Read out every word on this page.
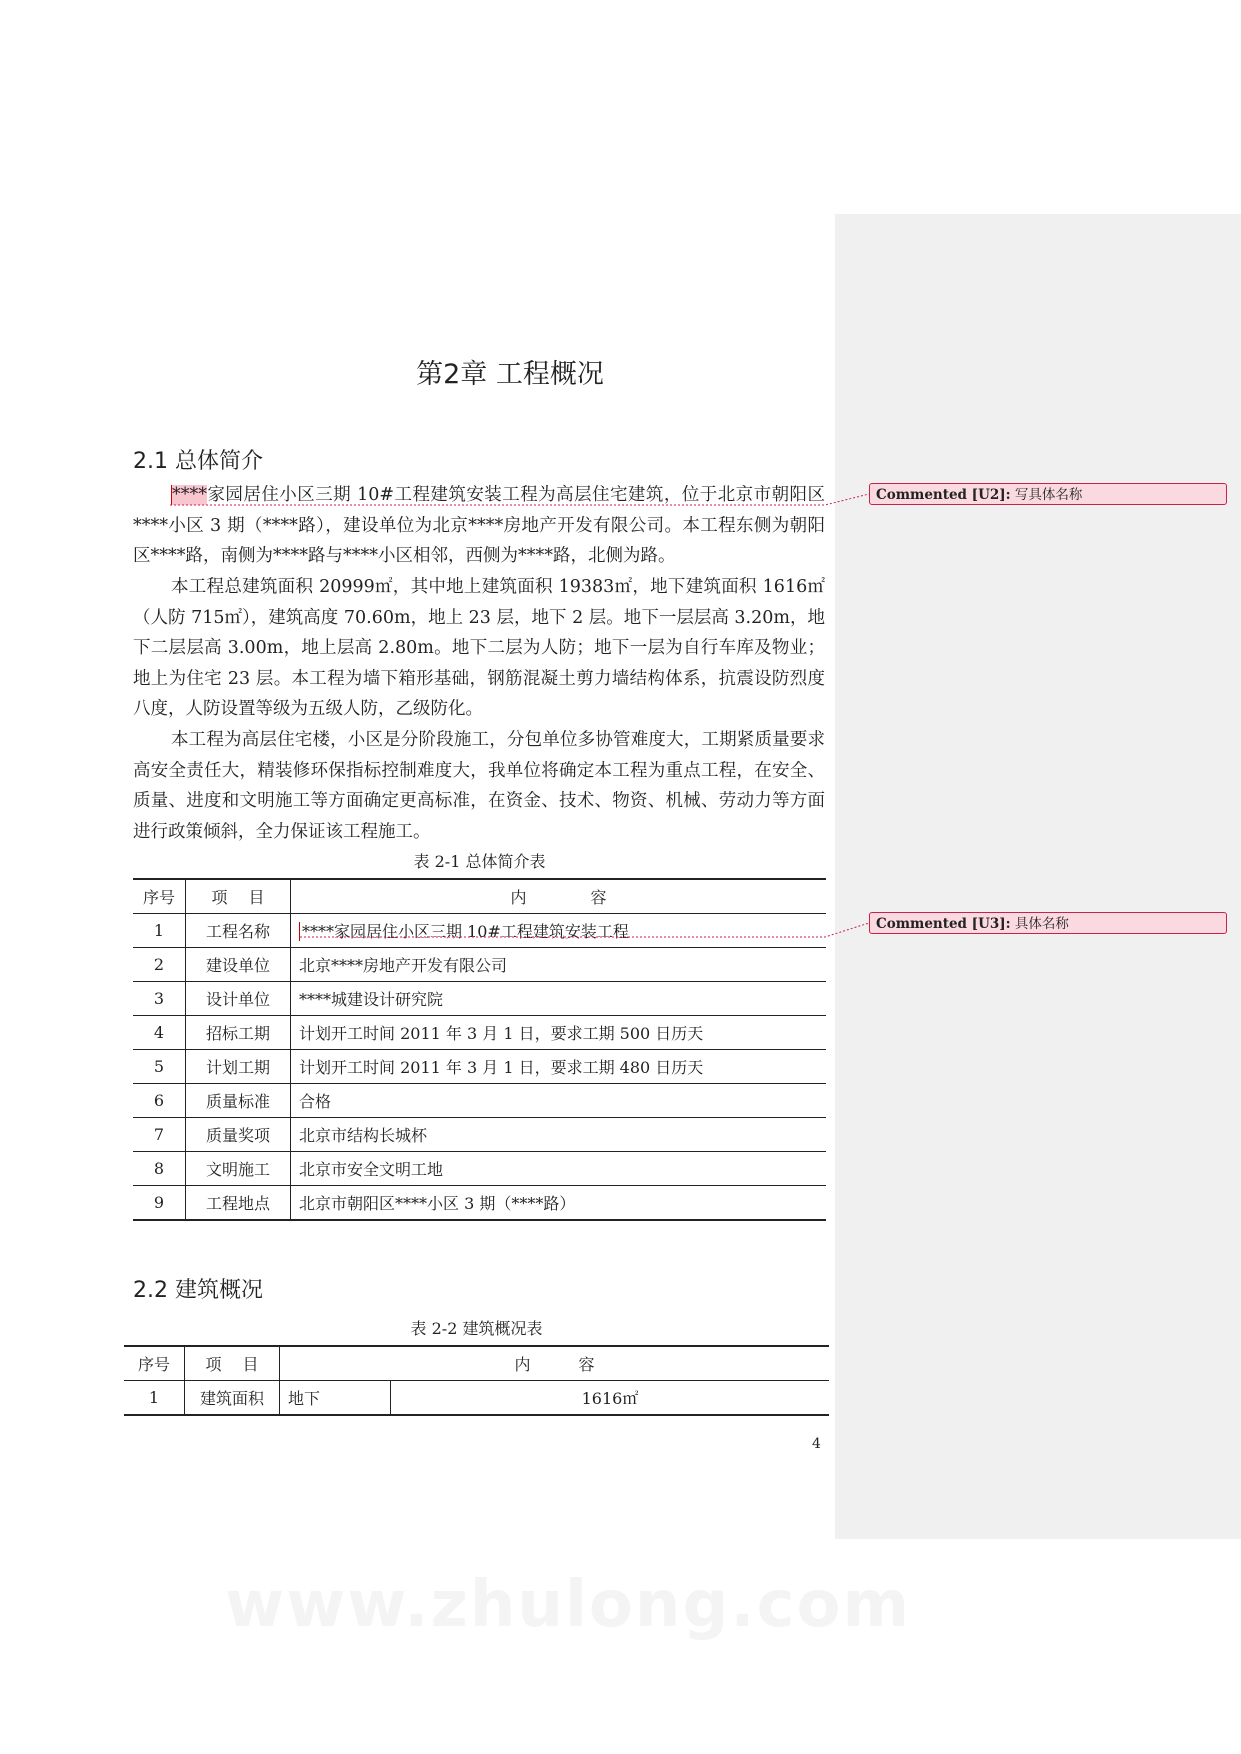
第2章 工程概况
2.1 总体简介

****家园居住小区三期 10#工程建筑安装工程为高层住宅建筑，位于北京市朝阳区****小区 3 期（****路），建设单位为北京****房地产开发有限公司。本工程东侧为朝阳区****路，南侧为****路与****小区相邻，西侧为****路，北侧为路。

本工程总建筑面积 20999㎡，其中地上建筑面积 19383㎡，地下建筑面积 1616㎡（人防 715㎡），建筑高度 70.60m，地上 23 层，地下 2 层。地下一层层高 3.20m，地下二层层高 3.00m，地上层高 2.80m。地下二层为人防；地下一层为自行车库及物业；地上为住宅 23 层。本工程为墙下箱形基础，钢筋混凝土剪力墙结构体系，抗震设防烈度八度，人防设置等级为五级人防，乙级防化。

本工程为高层住宅楼，小区是分阶段施工，分包单位多协管难度大，工期紧质量要求高安全责任大，精装修环保指标控制难度大，我单位将确定本工程为重点工程，在安全、质量、进度和文明施工等方面确定更高标准，在资金、技术、物资、机械、劳动力等方面进行政策倾斜，全力保证该工程施工。

表 2-1 总体简介表
序号	项　 目	内　　　　容
1	工程名称	****家园居住小区三期 10#工程建筑安装工程
2	建设单位	北京****房地产开发有限公司
3	设计单位	****城建设计研究院
4	招标工期	计划开工时间 2011 年 3 月 1 日，要求工期 500 日历天
5	计划工期	计划开工时间 2011 年 3 月 1 日，要求工期 480 日历天
6	质量标准	合格
7	质量奖项	北京市结构长城杯
8	文明施工	北京市安全文明工地
9	工程地点	北京市朝阳区****小区 3 期（****路）
2.2 建筑概况
表 2-2 建筑概况表
序号	项　 目	内　　　容	
1	建筑面积	地下	1616㎡
4
Commented [U2]: 写具体名称
Commented [U3]: 具体名称
www.zhulong.com
